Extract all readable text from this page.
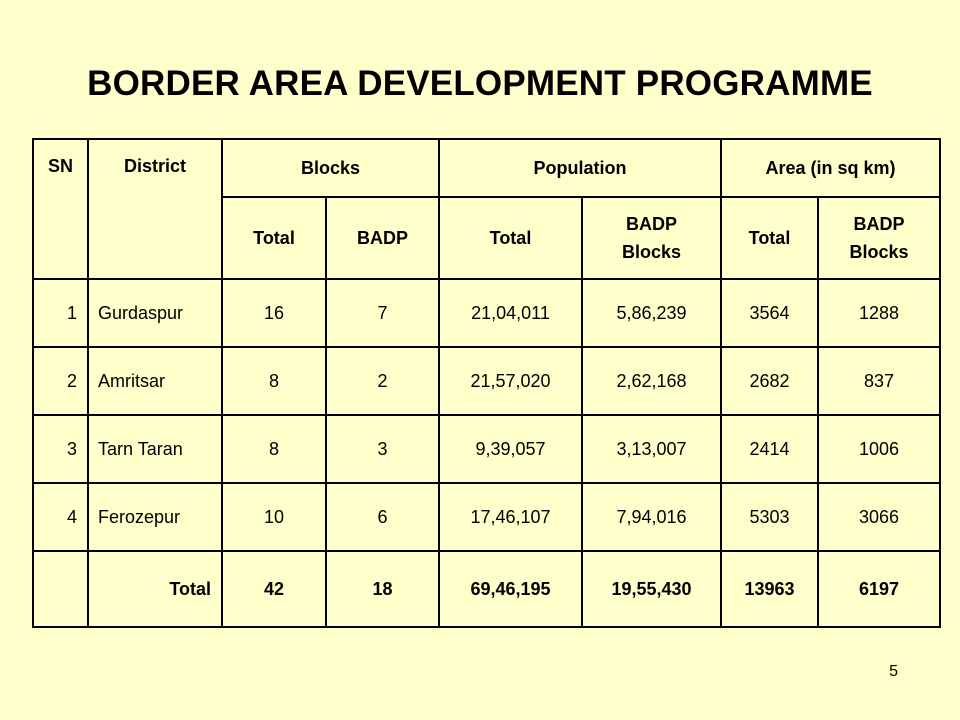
BORDER AREA DEVELOPMENT PROGRAMME
SN	District	Blocks		Population		Area (in sq km)	
		Total	BADP	Total	BADP Blocks	Total	BADP Blocks
1	Gurdaspur	16	7	21,04,011	5,86,239	3564	1288
2	Amritsar	8	2	21,57,020	2,62,168	2682	837
3	Tarn Taran	8	3	9,39,057	3,13,007	2414	1006
4	Ferozepur	10	6	17,46,107	7,94,016	5303	3066
	Total	42	18	69,46,195	19,55,430	13963	6197
5
